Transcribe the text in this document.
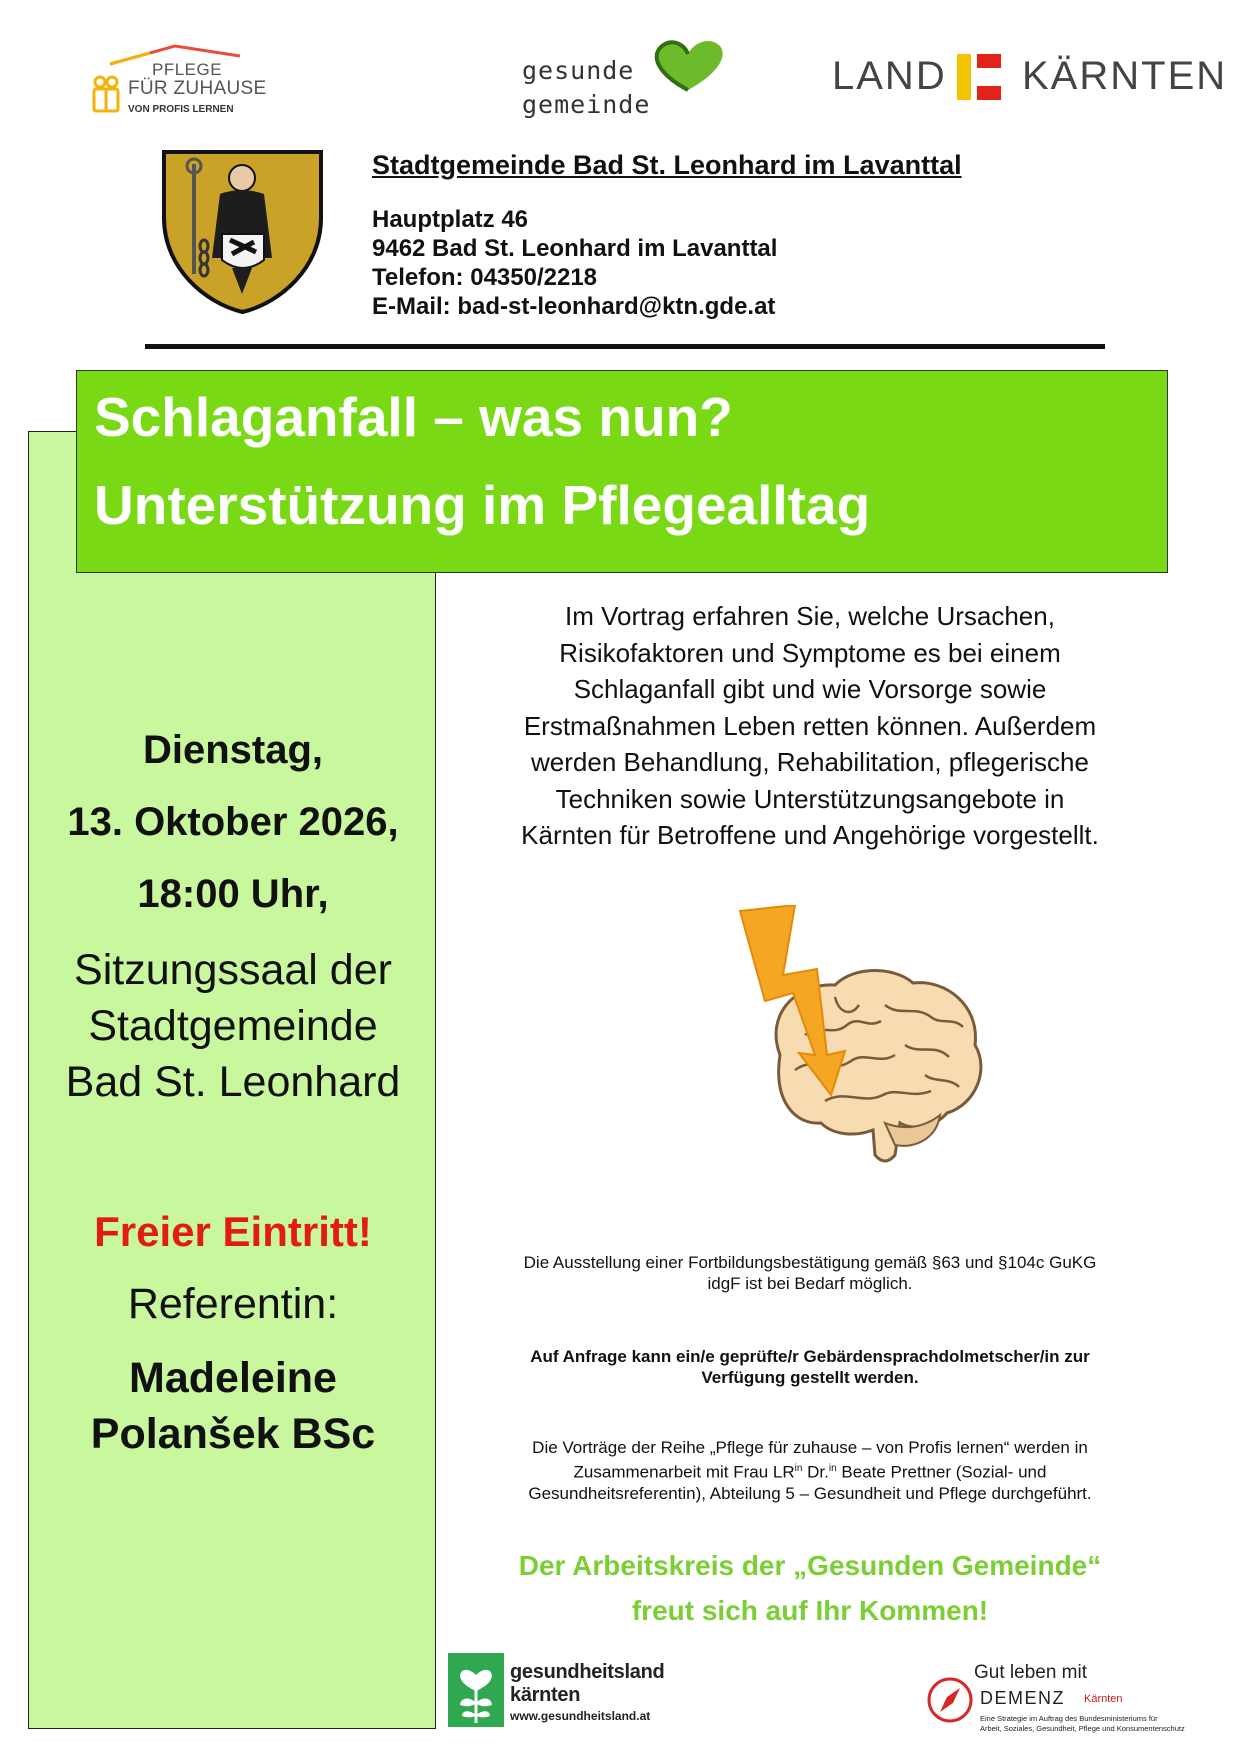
PFLEGE
FÜR ZUHAUSE
VON PROFIS LERNEN
gesunde
gemeinde
LAND KÄRNTEN
Stadtgemeinde Bad St. Leonhard im Lavanttal
Hauptplatz 46
9462 Bad St. Leonhard im Lavanttal
Telefon: 04350/2218
E-Mail: bad-st-leonhard@ktn.gde.at
Dienstag,
13. Oktober 2026,
18:00 Uhr,
Sitzungssaal der
Stadtgemeinde
Bad St. Leonhard
Freier Eintritt!
Referentin:
Madeleine
Polanšek BSc
Schlaganfall – was nun?
Unterstützung im Pflegealltag
Im Vortrag erfahren Sie, welche Ursachen,
Risikofaktoren und Symptome es bei einem
Schlaganfall gibt und wie Vorsorge sowie
Erstmaßnahmen Leben retten können. Außerdem
werden Behandlung, Rehabilitation, pflegerische
Techniken sowie Unterstützungsangebote in
Kärnten für Betroffene und Angehörige vorgestellt.
Die Ausstellung einer Fortbildungsbestätigung gemäß §63 und §104c GuKG
idgF ist bei Bedarf möglich.
Auf Anfrage kann ein/e geprüfte/r Gebärdensprachdolmetscher/in zur
Verfügung gestellt werden.
Die Vorträge der Reihe „Pflege für zuhause – von Profis lernen“ werden in
Zusammenarbeit mit Frau $LR^{in}$ Dr.$^{in}$ Beate Prettner (Sozial- und
Gesundheitsreferentin), Abteilung 5 – Gesundheit und Pflege durchgeführt.
Der Arbeitskreis der „Gesunden Gemeinde“
freut sich auf Ihr Kommen!
gesundheitsland
kärnten
www.gesundheitsland.at
Gut leben mit
DEMENZ Kärnten
Eine Strategie im Auftrag des Bundesministeriums für
Arbeit, Soziales, Gesundheit, Pflege und Konsumentenschutz
